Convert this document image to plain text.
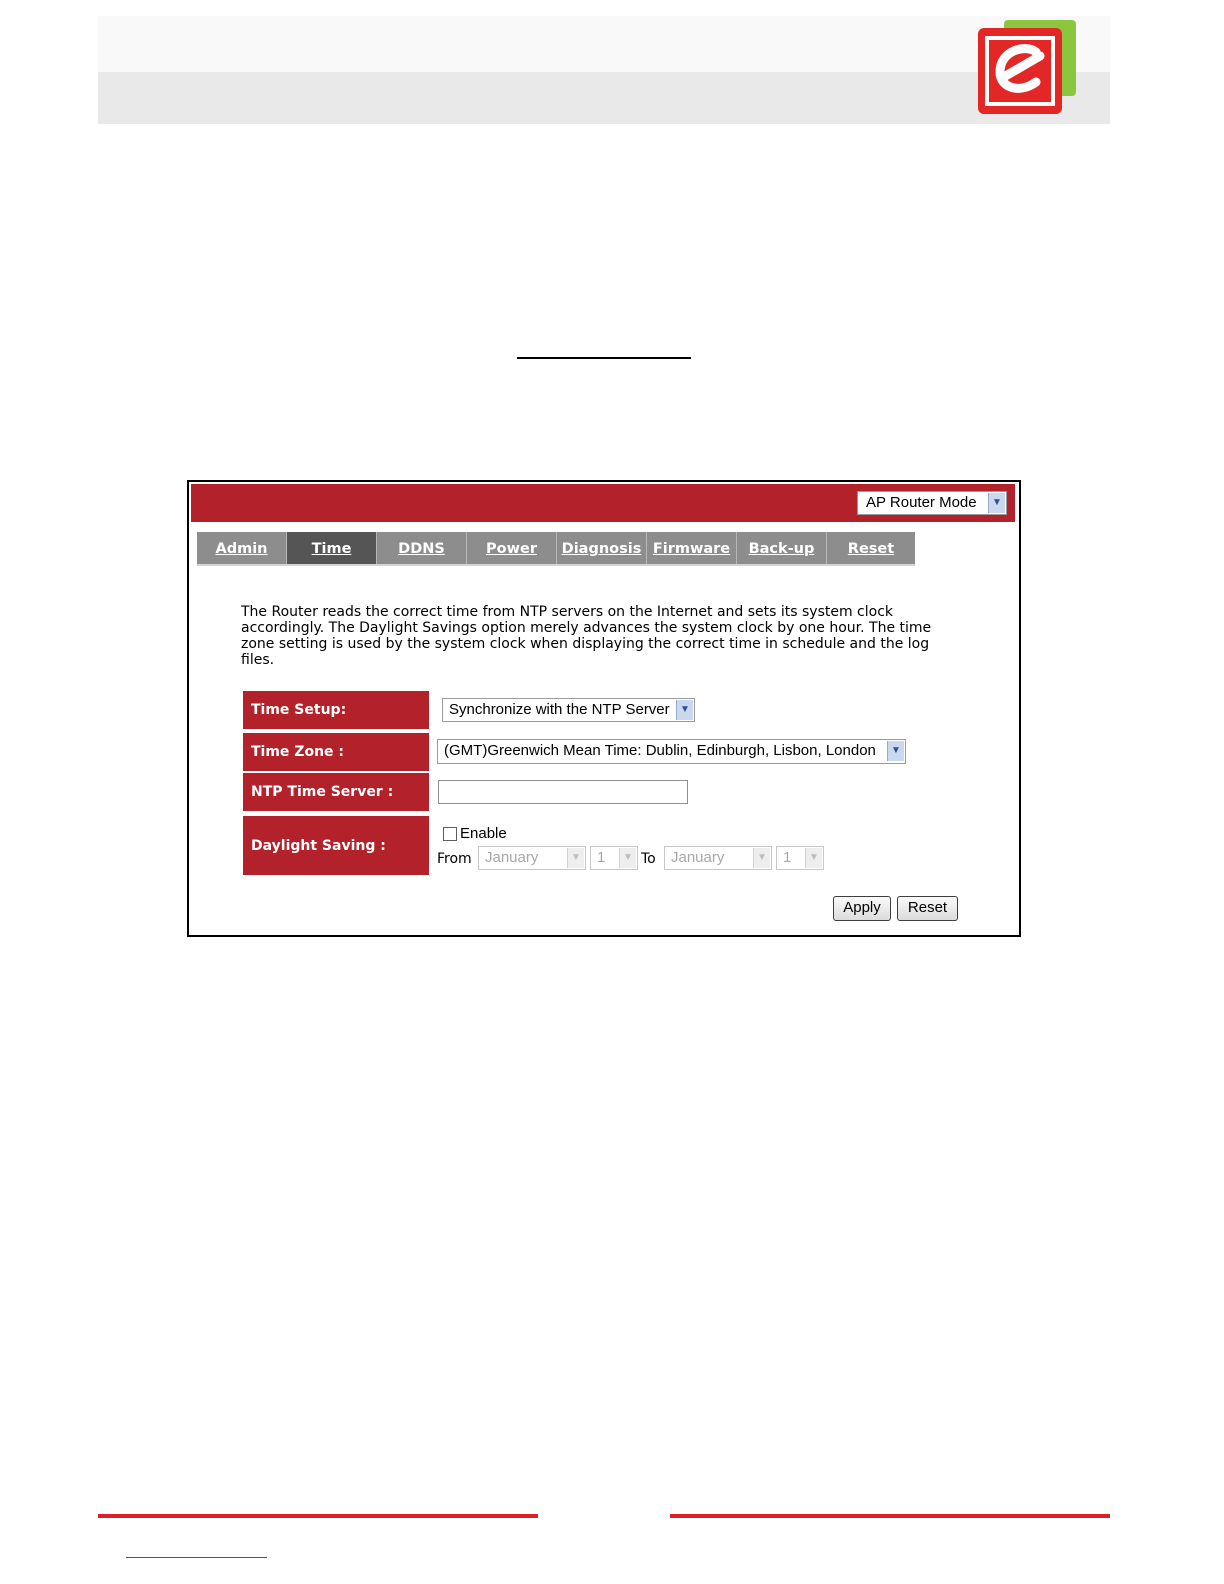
AP Router Mode	▼
Admin	Time	DDNS	Power	Diagnosis Firmware	Back-up	Reset
The Router reads the correct time from NTP servers on the Internet and sets its system clock accordingly. The Daylight Savings option merely advances the system clock by one hour. The time zone setting is used by the system clock when displaying the correct time in schedule and the log files.
Time Setup:	Synchronize with the NTP Server	▼
Time Zone :	(GMT)Greenwich Mean Time: Dublin, Edinburgh, Lisbon, London	▼
NTP Time Server :
Daylight Saving :
Enable
From January	▼	1	▼ To	January	▼	1	▼
Apply	Reset
